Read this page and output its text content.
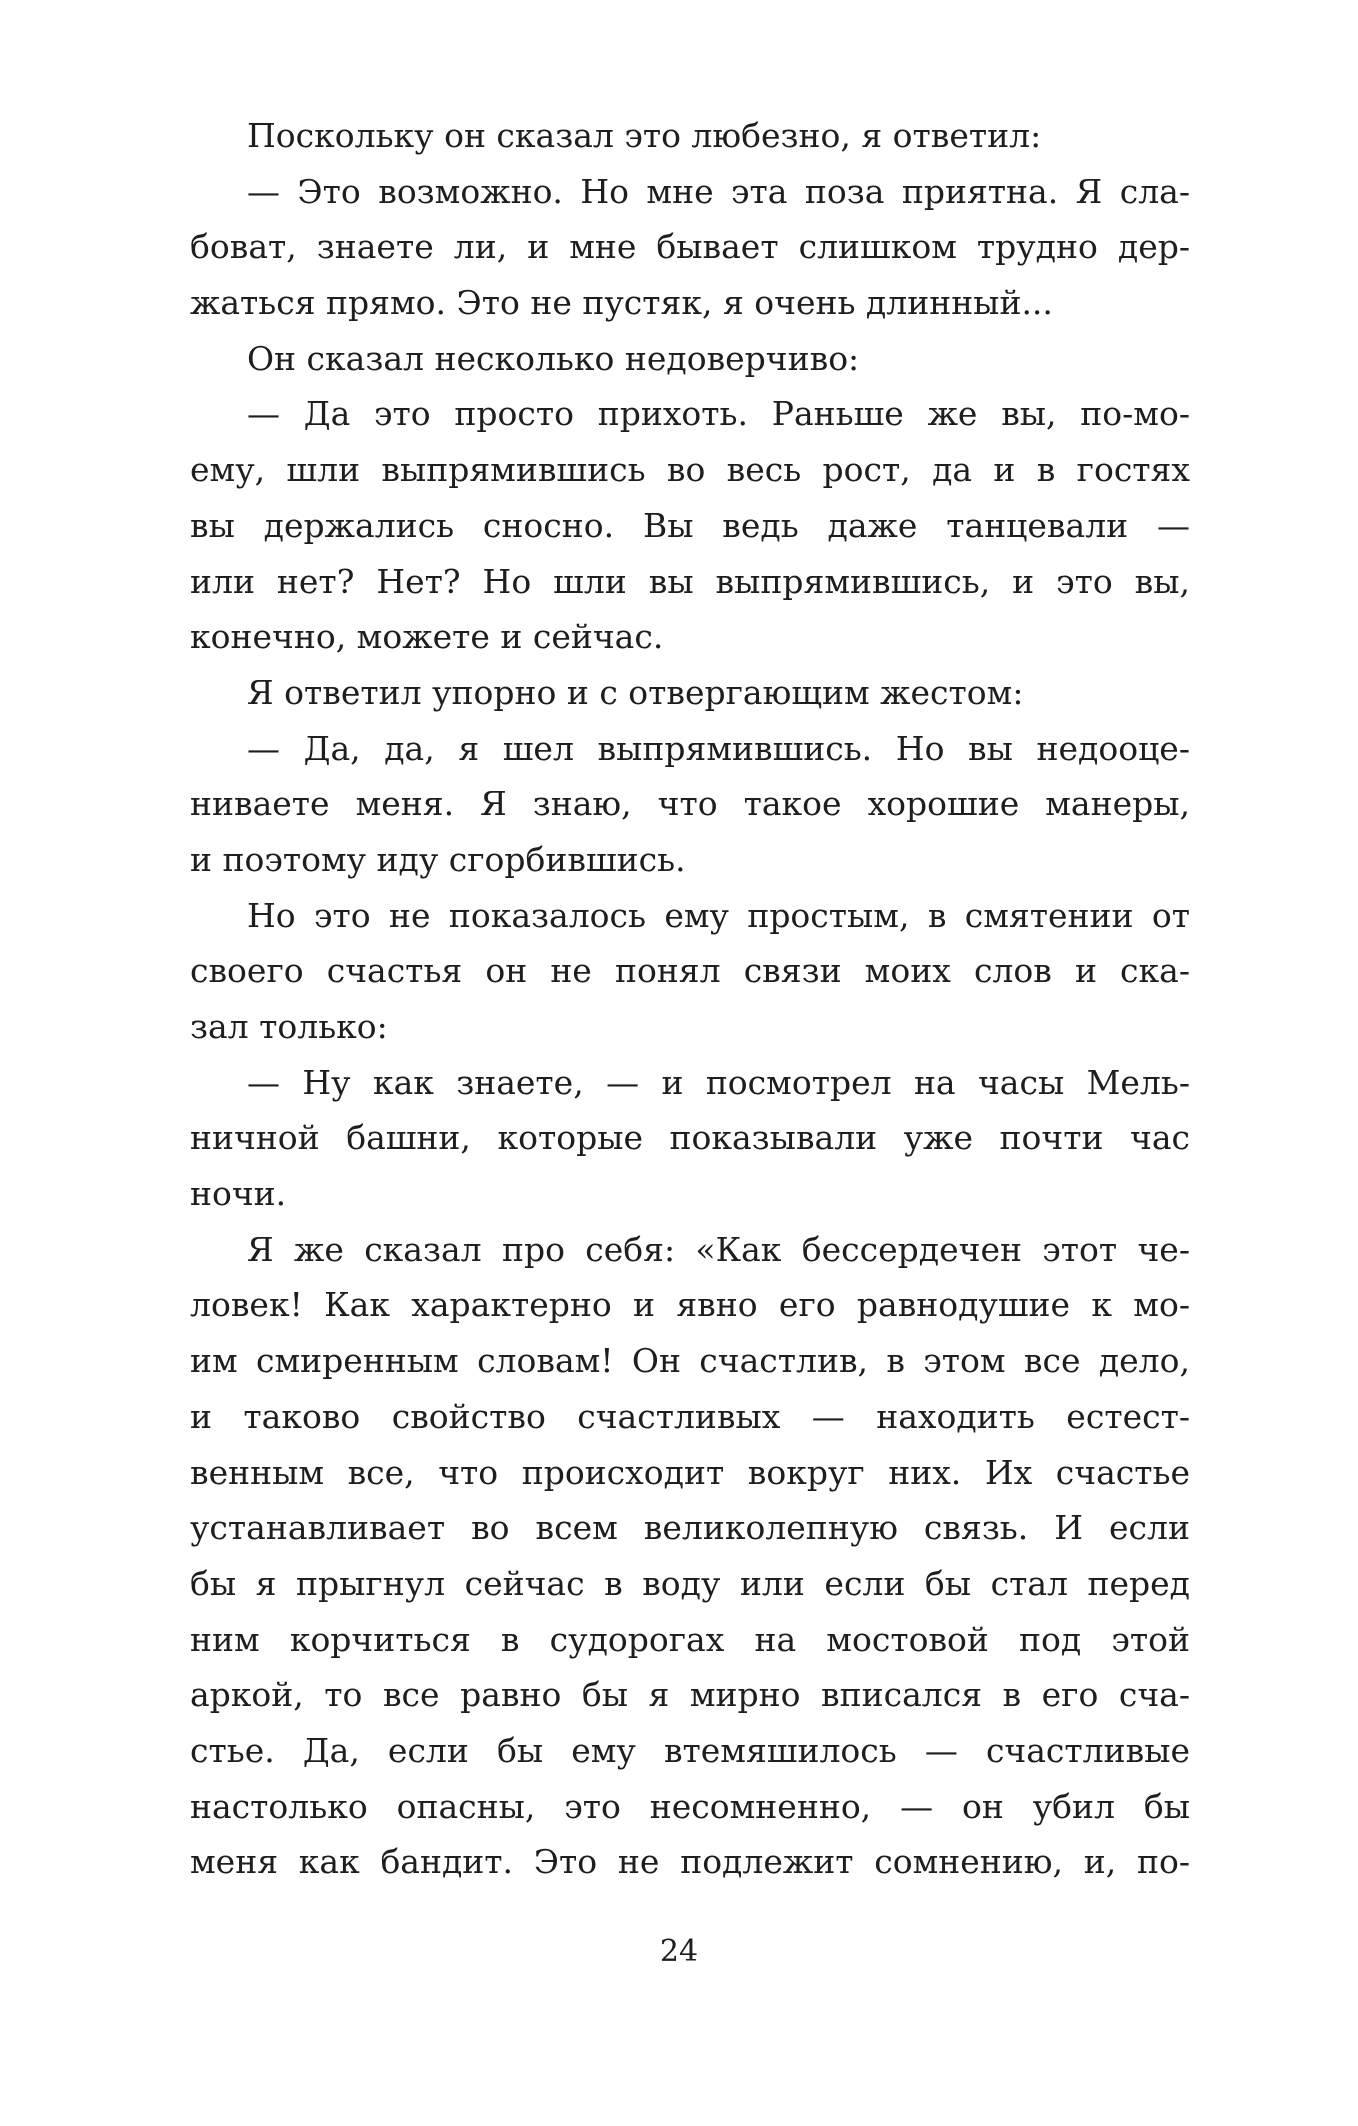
Поскольку он сказал это любезно, я ответил:
— Это возможно. Но мне эта поза приятна. Я сла-
боват, знаете ли, и мне бывает слишком трудно дер-
жаться прямо. Это не пустяк, я очень длинный...
Он сказал несколько недоверчиво:
— Да это просто прихоть. Раньше же вы, по-мо-
ему, шли выпрямившись во весь рост, да и в гостях
вы держались сносно. Вы ведь даже танцевали —
или нет? Нет? Но шли вы выпрямившись, и это вы,
конечно, можете и сейчас.
Я ответил упорно и с отвергающим жестом:
— Да, да, я шел выпрямившись. Но вы недооце-
ниваете меня. Я знаю, что такое хорошие манеры,
и поэтому иду сгорбившись.
Но это не показалось ему простым, в смятении от
своего счастья он не понял связи моих слов и ска-
зал только:
— Ну как знаете, — и посмотрел на часы Мель-
ничной башни, которые показывали уже почти час
ночи.
Я же сказал про себя: «Как бессердечен этот че-
ловек! Как характерно и явно его равнодушие к мо-
им смиренным словам! Он счастлив, в этом все дело,
и таково свойство счастливых — находить естест-
венным все, что происходит вокруг них. Их счастье
устанавливает во всем великолепную связь. И если
бы я прыгнул сейчас в воду или если бы стал перед
ним корчиться в судорогах на мостовой под этой
аркой, то все равно бы я мирно вписался в его сча-
стье. Да, если бы ему втемяшилось — счастливые
настолько опасны, это несомненно, — он убил бы
меня как бандит. Это не подлежит сомнению, и, по-
24
